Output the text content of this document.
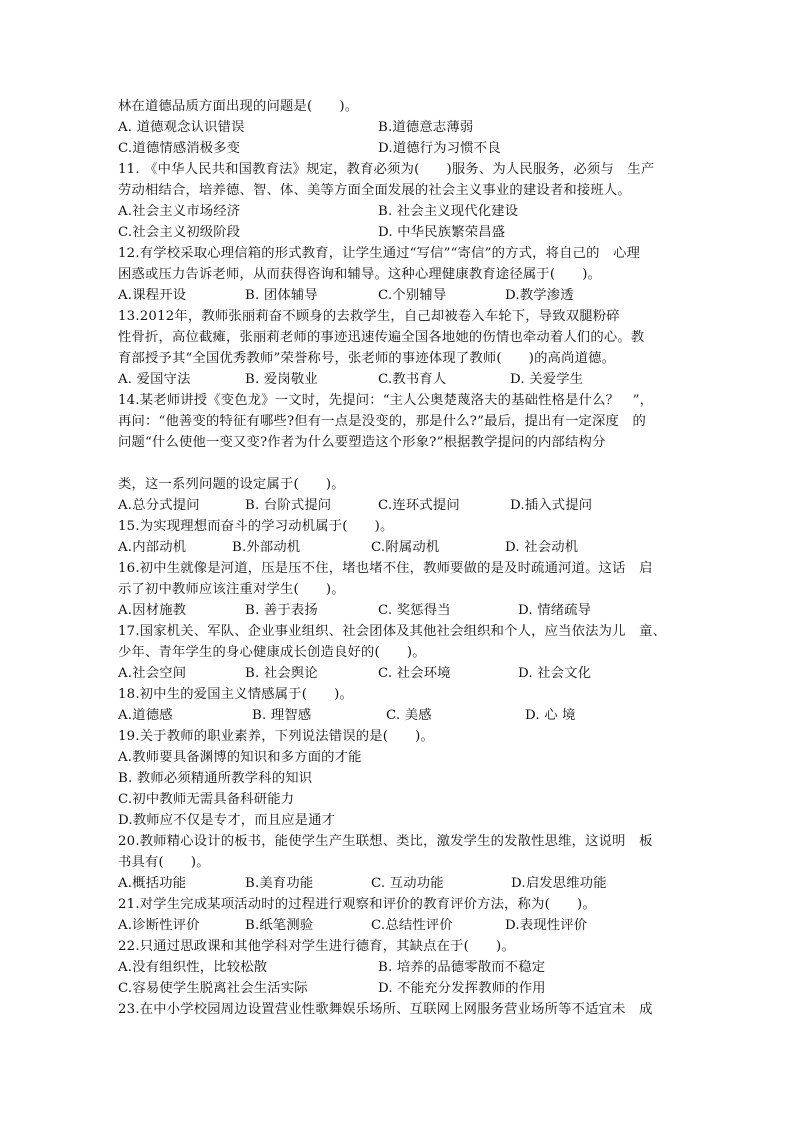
林在道德品质方面出现的问题是(　　)。
A. 道德观念认识错误	B.道德意志薄弱
C.道德情感消极多变	D.道德行为习惯不良
11. 《中华人民共和国教育法》规定，教育必须为(　　)服务、为人民服务，必须与　生产
劳动相结合，培养德、智、体、美等方面全面发展的社会主义事业的建设者和接班人。
A.社会主义市场经济	B. 社会主义现代化建设
C.社会主义初级阶段	D. 中华民族繁荣昌盛
12.有学校采取心理信箱的形式教育，让学生通过“写信”“寄信”的方式，将自己的　心理
困惑或压力告诉老师，从而获得咨询和辅导。这种心理健康教育途径属于(　　)。
A.课程开设	B. 团体辅导	C.个别辅导	D.教学渗透
13.2012年，教师张丽莉奋不顾身的去救学生，自己却被卷入车轮下，导致双腿粉碎
性骨折，高位截瘫，张丽莉老师的事迹迅速传遍全国各地她的伤情也牵动着人们的心。教
育部授予其“全国优秀教师”荣誉称号，张老师的事迹体现了教师(　　)的高尚道德。
A. 爱国守法	B. 爱岗敬业	C.教书育人	D. 关爱学生
14.某老师讲授《变色龙》一文时，先提问：“主人公奥楚蔑洛夫的基础性格是什么？　”，
再问：“他善变的特征有哪些?但有一点是没变的，那是什么?”最后，提出有一定深度　的
问题“什么使他一变又变?作者为什么要塑造这个形象?”根据教学提问的内部结构分
类，这一系列问题的设定属于(　　)。
A.总分式提问	B. 台阶式提问	C.连环式提问	D.插入式提问
15.为实现理想而奋斗的学习动机属于(　　)。
A.内部动机	B.外部动机	C.附属动机	D. 社会动机
16.初中生就像是河道，压是压不住，堵也堵不住，教师要做的是及时疏通河道。这话　启
示了初中教师应该注重对学生(　　)。
A.因材施教	B. 善于表扬	C. 奖惩得当	D. 情绪疏导
17.国家机关、军队、企业事业组织、社会团体及其他社会组织和个人，应当依法为儿　童、
少年、青年学生的身心健康成长创造良好的(　　)。
A.社会空间	B. 社会舆论	C. 社会环境	D. 社会文化
18.初中生的爱国主义情感属于(　　)。
A.道德感	B. 理智感	C. 美感	D. 心 境
19.关于教师的职业素养，下列说法错误的是(　　)。
A.教师要具备渊博的知识和多方面的才能
B. 教师必须精通所教学科的知识
C.初中教师无需具备科研能力
D.教师应不仅是专才，而且应是通才
20.教师精心设计的板书，能使学生产生联想、类比，激发学生的发散性思维，这说明　板
书具有(　　)。
A.概括功能	B.美育功能	C. 互动功能	D.启发思维功能
21.对学生完成某项活动时的过程进行观察和评价的教育评价方法，称为(　　)。
A.诊断性评价	B.纸笔测验	C.总结性评价	D.表现性评价
22.只通过思政课和其他学科对学生进行德育，其缺点在于(　　)。
A.没有组织性，比较松散	B. 培养的品德零散而不稳定
C.容易使学生脱离社会生活实际	D. 不能充分发挥教师的作用
23.在中小学校园周边设置营业性歌舞娱乐场所、互联网上网服务营业场所等不适宜未　成
